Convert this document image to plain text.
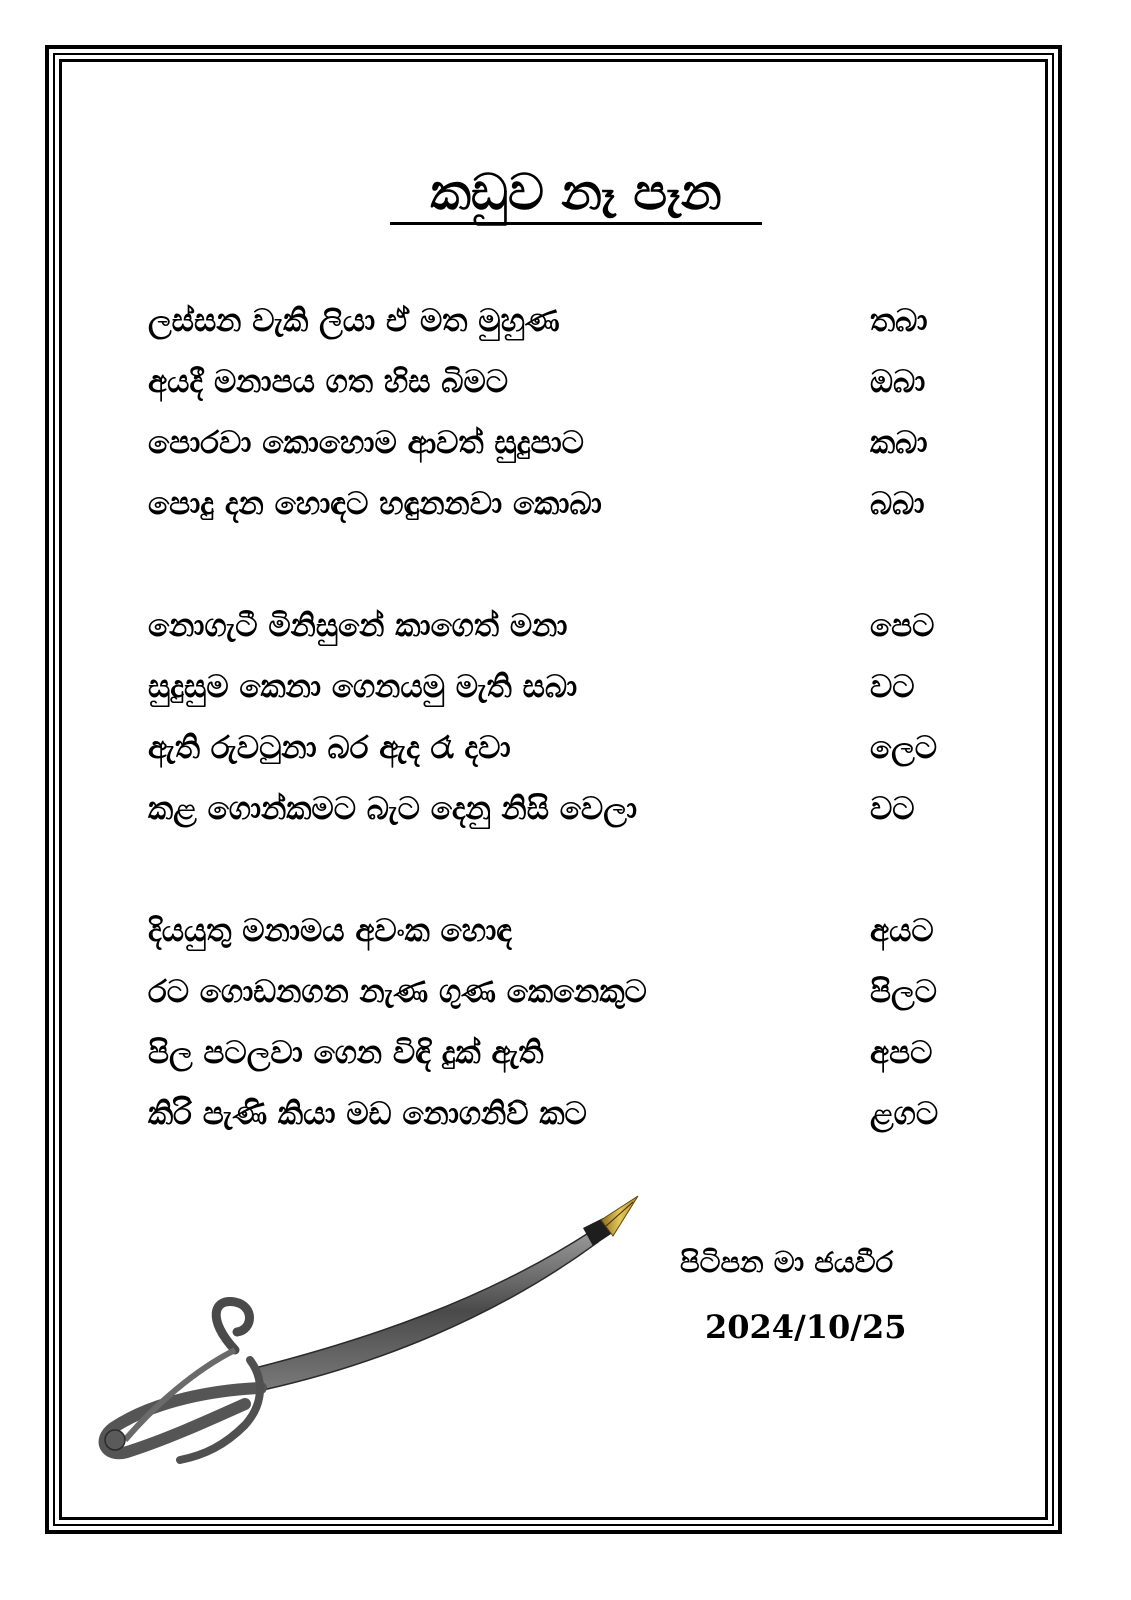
කඩුව නෑ පෑන
ලස්සන වැකි ලියා ඒ මත මුහුණ	තබා
අයදී මනාපය ගත හිස බිමට	ඔබා
පොරවා කොහොම ආවත් සුදුපාට	කබා
පොදු දන හොඳට හඳුනනවා කොබා	බබා
නොගැටී මිනිසුනේ කාගෙත් මනා	පෙට
සුදුසුම කෙනා ගෙනයමු මැති සබා	වට
ඇති රුවටුනා බර ඇද රෑ දවා	ලෙට
කළ ගොන්කමට බැට දෙනු නිසි වෙලා	වට
දියයුතු මනාමය අවංක හොඳ	අයට
රට ගොඩනගන නැණ ගුණ කෙනෙකුට	පිලට
පිල පටලවා ගෙන විඳි දුක් ඇති	අපට
කිරි පැණි කියා මඩ නොගනිව් කට	ළගට
පිටිපන මා ජයවීර
2024/10/25
